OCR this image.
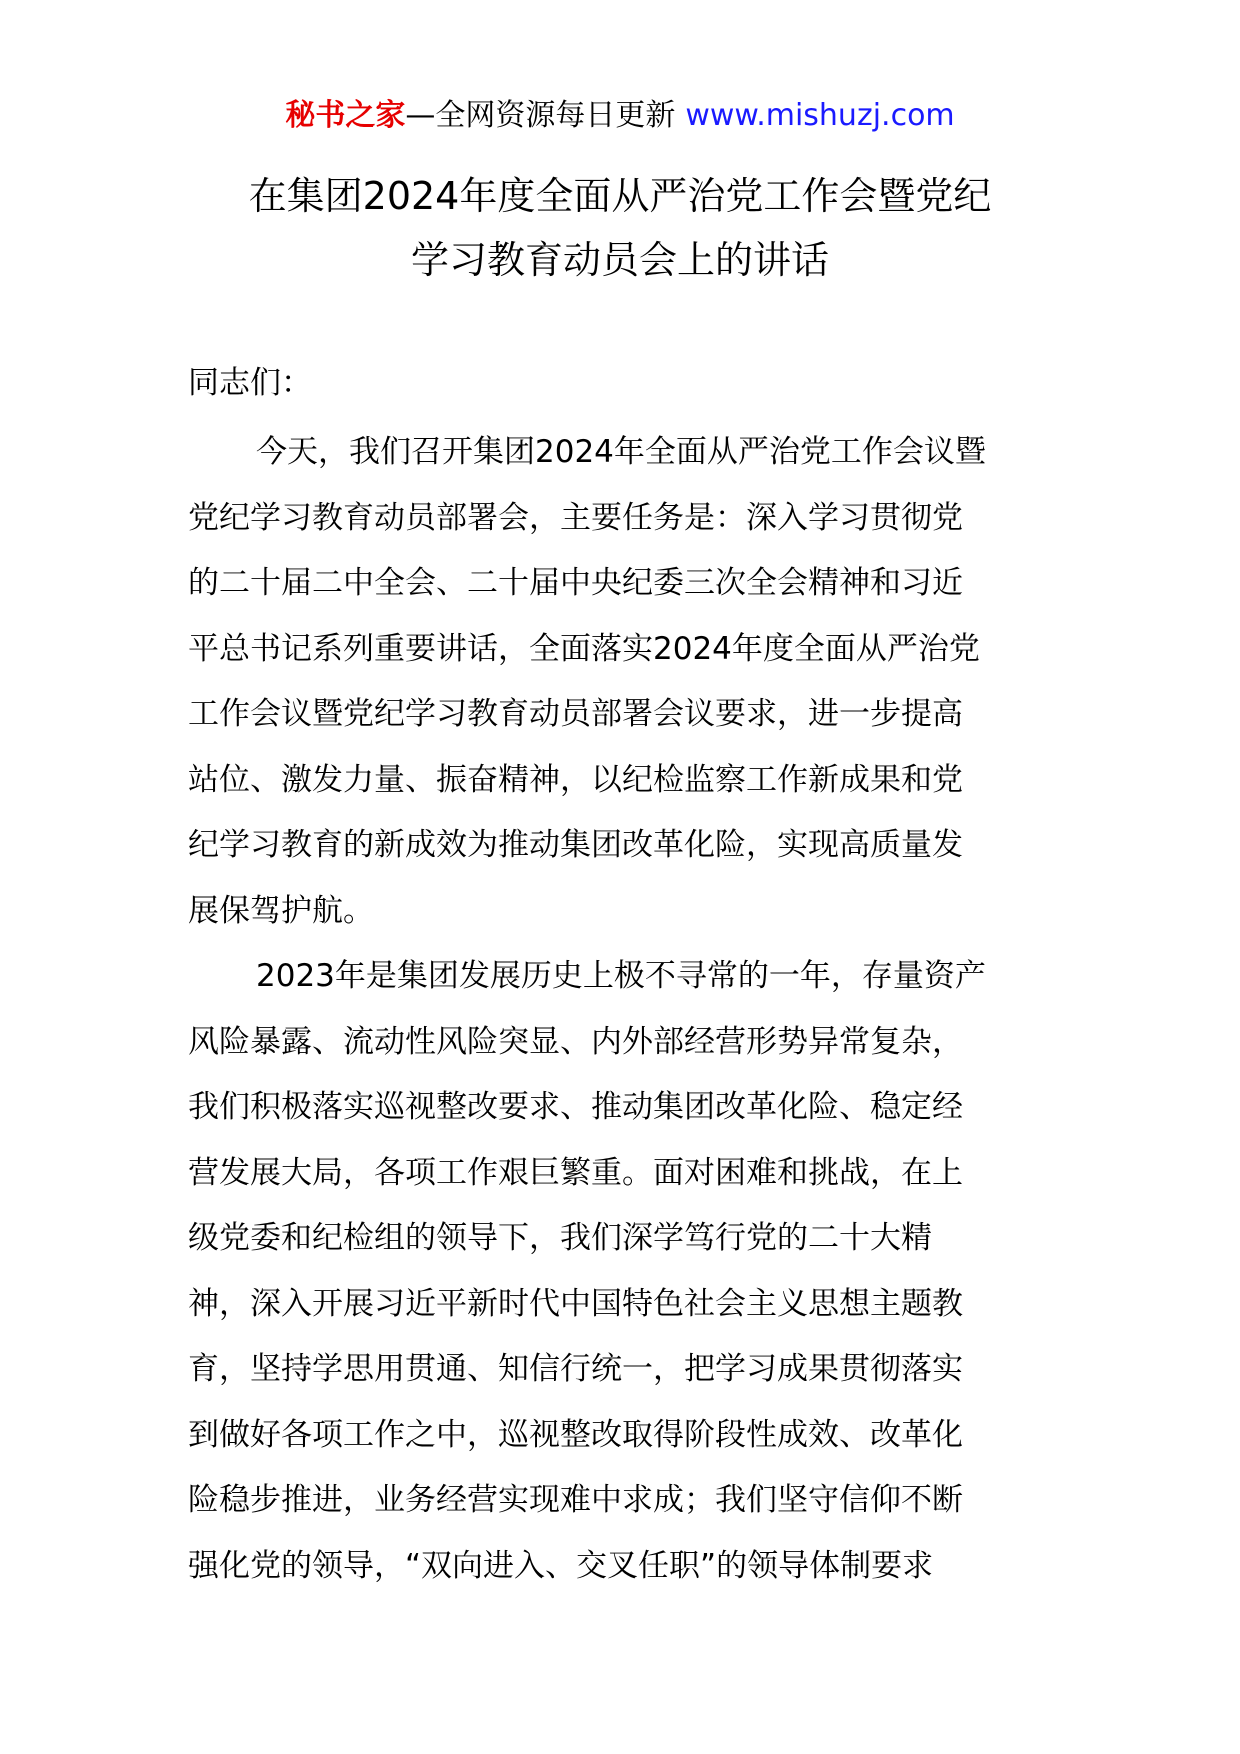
秘书之家—全网资源每日更新 www.mishuzj.com
在集团2024年度全面从严治党工作会暨党纪
学习教育动员会上的讲话
同志们：
今天，我们召开集团2024年全面从严治党工作会议暨
党纪学习教育动员部署会，主要任务是：深入学习贯彻党
的二十届二中全会、二十届中央纪委三次全会精神和习近
平总书记系列重要讲话，全面落实2024年度全面从严治党
工作会议暨党纪学习教育动员部署会议要求，进一步提高
站位、激发力量、振奋精神，以纪检监察工作新成果和党
纪学习教育的新成效为推动集团改革化险，实现高质量发
展保驾护航。
2023年是集团发展历史上极不寻常的一年，存量资产
风险暴露、流动性风险突显、内外部经营形势异常复杂，
我们积极落实巡视整改要求、推动集团改革化险、稳定经
营发展大局，各项工作艰巨繁重。面对困难和挑战，在上
级党委和纪检组的领导下，我们深学笃行党的二十大精
神，深入开展习近平新时代中国特色社会主义思想主题教
育，坚持学思用贯通、知信行统一，把学习成果贯彻落实
到做好各项工作之中，巡视整改取得阶段性成效、改革化
险稳步推进，业务经营实现难中求成；我们坚守信仰不断
强化党的领导，“双向进入、交叉任职”的领导体制要求
